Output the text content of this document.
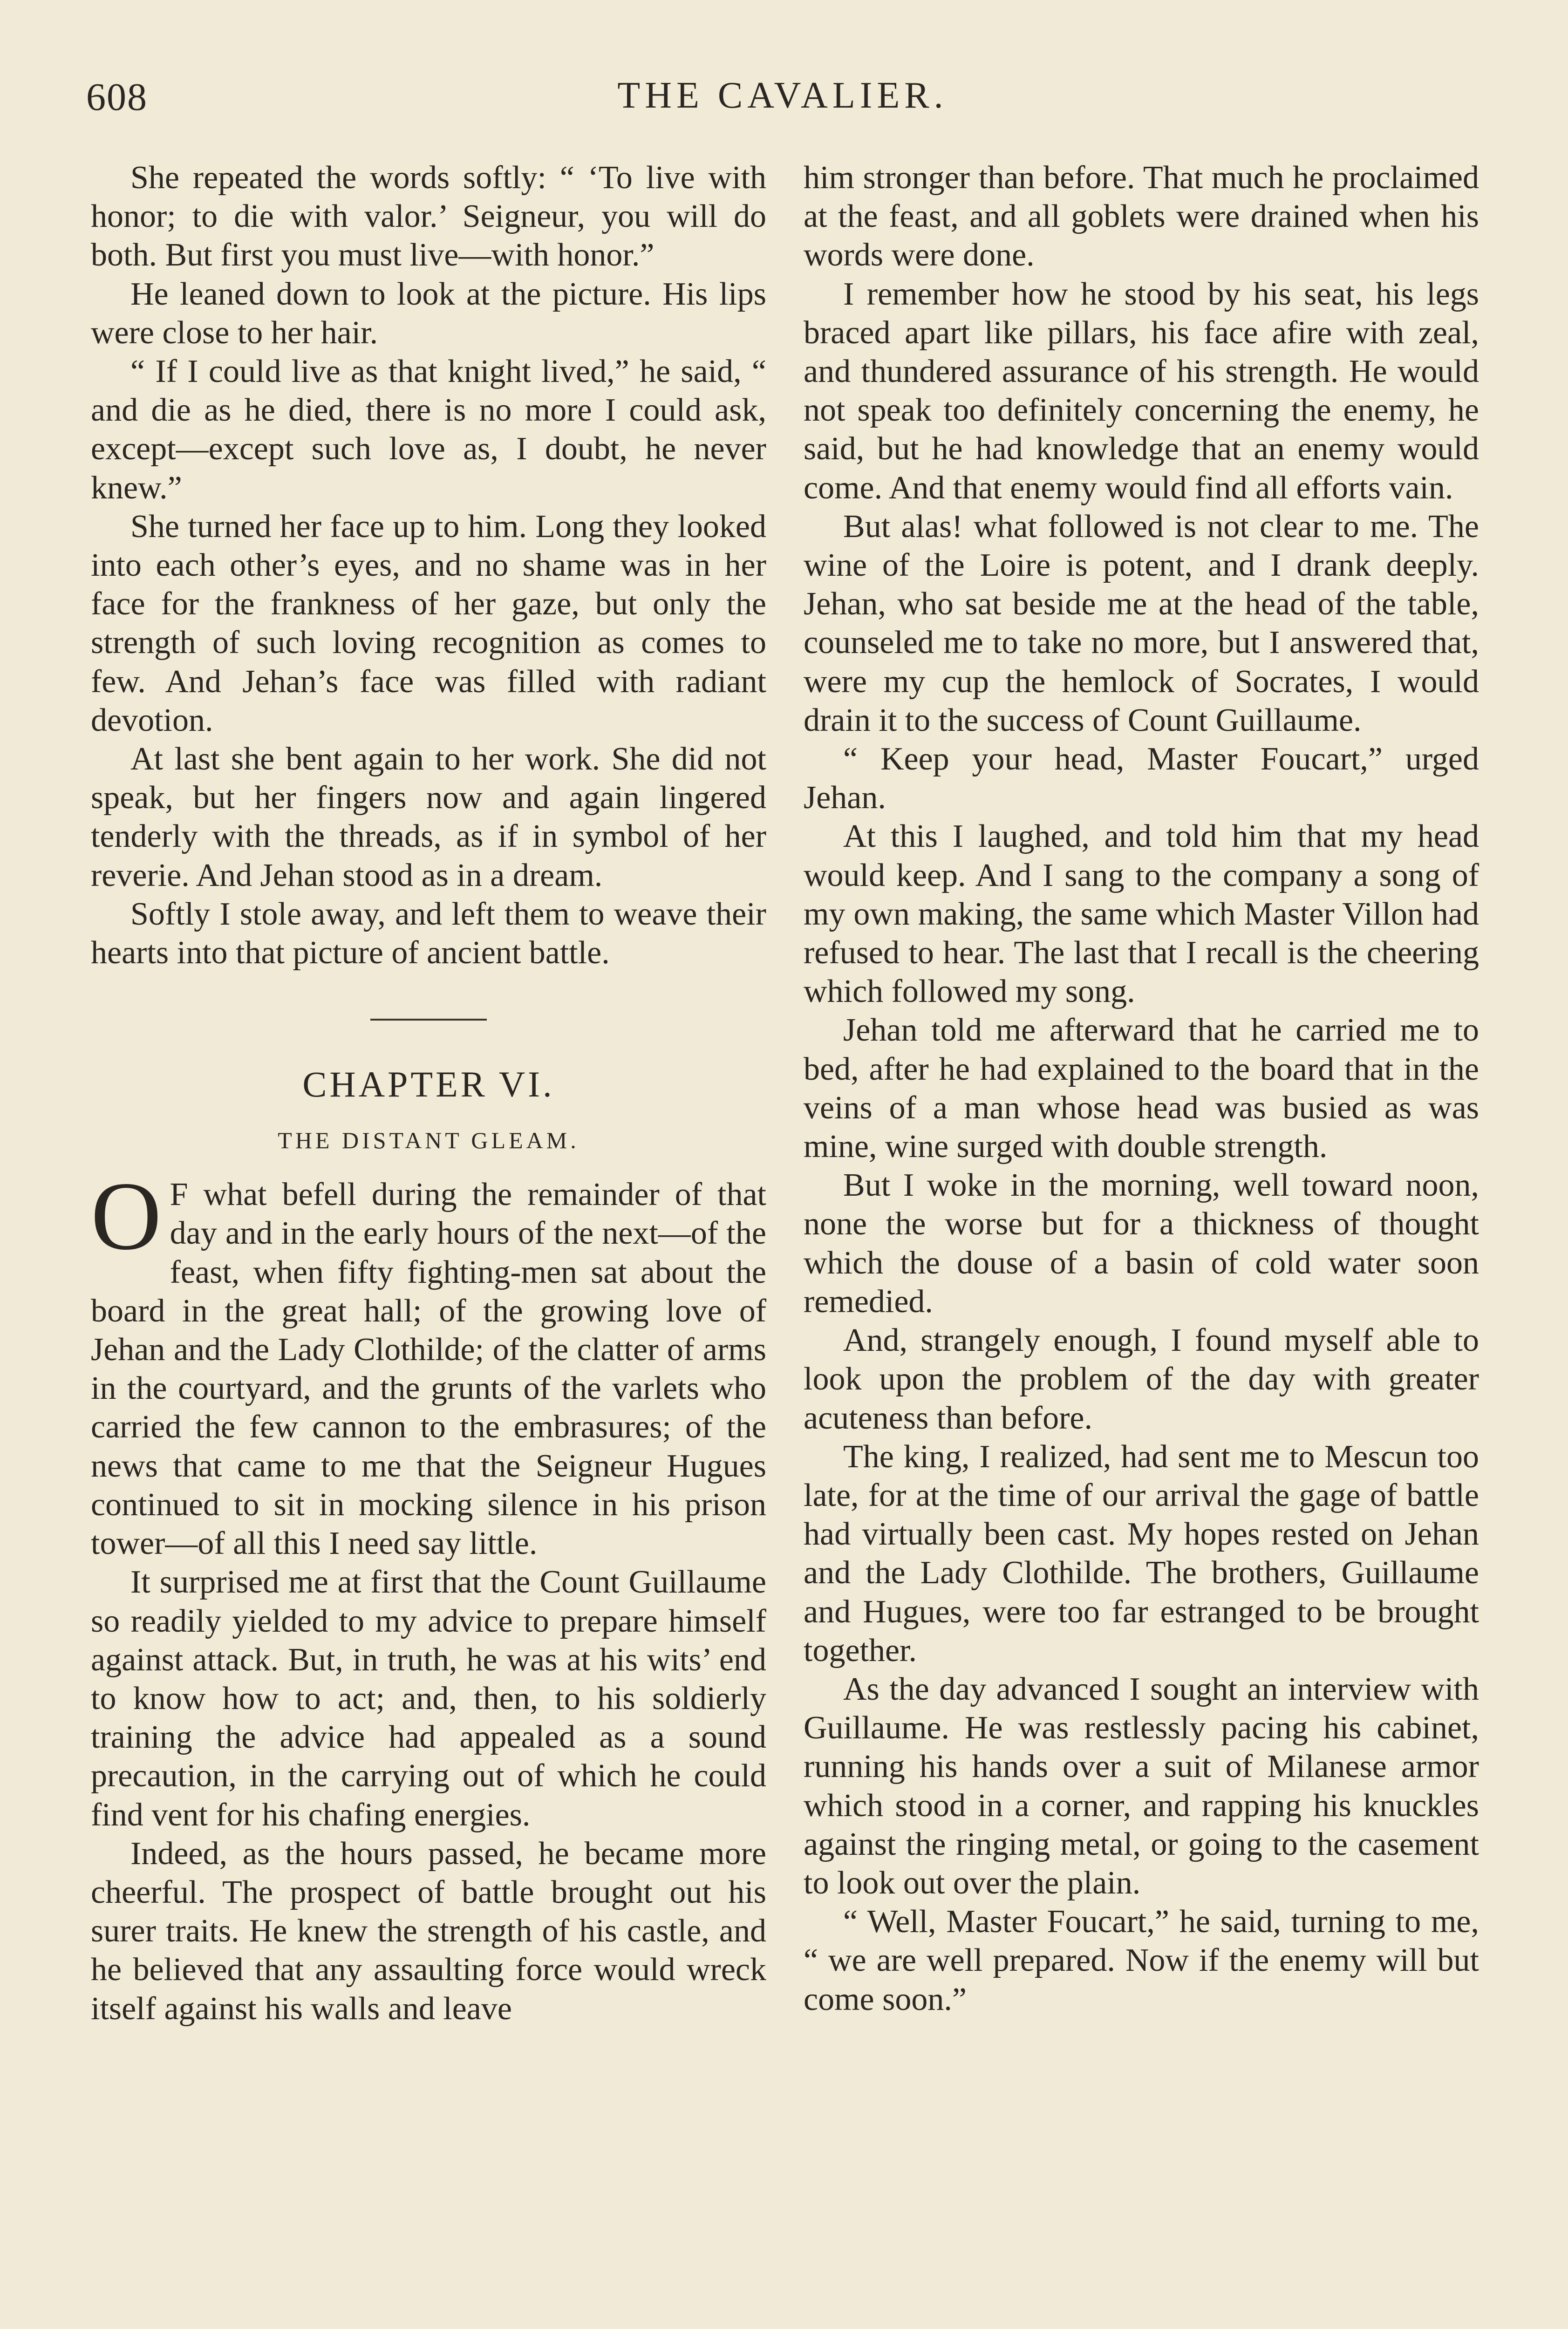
608	THE CAVALIER.

She repeated the words softly: “ ‘To live with honor; to die with valor.’ Seigneur, you will do both. But first you must live—with honor.”

He leaned down to look at the picture. His lips were close to her hair.

“ If I could live as that knight lived,” he said, “ and die as he died, there is no more I could ask, except—except such love as, I doubt, he never knew.”

She turned her face up to him. Long they looked into each other’s eyes, and no shame was in her face for the frankness of her gaze, but only the strength of such loving recognition as comes to few. And Jehan’s face was filled with radiant devotion.

At last she bent again to her work. She did not speak, but her fingers now and again lingered tenderly with the threads, as if in symbol of her reverie. And Jehan stood as in a dream.

Softly I stole away, and left them to weave their hearts into that picture of ancient battle.

CHAPTER VI.
THE DISTANT GLEAM.

O F what befell during the remainder of that day and in the early hours of the next—of the feast, when fifty fighting-men sat about the board in the great hall; of the growing love of Jehan and the Lady Clothilde; of the clatter of arms in the courtyard, and the grunts of the varlets who carried the few cannon to the embrasures; of the news that came to me that the Seigneur Hugues continued to sit in mocking silence in his prison tower—of all this I need say little.

It surprised me at first that the Count Guillaume so readily yielded to my advice to prepare himself against attack. But, in truth, he was at his wits’ end to know how to act; and, then, to his soldierly training the advice had appealed as a sound precaution, in the carrying out of which he could find vent for his chafing energies.

Indeed, as the hours passed, he became more cheerful. The prospect of battle brought out his surer traits. He knew the strength of his castle, and he believed that any assaulting force would wreck itself against his walls and leave

him stronger than before. That much he proclaimed at the feast, and all goblets were drained when his words were done.

I remember how he stood by his seat, his legs braced apart like pillars, his face afire with zeal, and thundered assurance of his strength. He would not speak too definitely concerning the enemy, he said, but he had knowledge that an enemy would come. And that enemy would find all efforts vain.

But alas! what followed is not clear to me. The wine of the Loire is potent, and I drank deeply. Jehan, who sat beside me at the head of the table, counseled me to take no more, but I answered that, were my cup the hemlock of Socrates, I would drain it to the success of Count Guillaume.

“ Keep your head, Master Foucart,” urged Jehan.

At this I laughed, and told him that my head would keep. And I sang to the company a song of my own making, the same which Master Villon had refused to hear. The last that I recall is the cheering which followed my song.

Jehan told me afterward that he carried me to bed, after he had explained to the board that in the veins of a man whose head was busied as was mine, wine surged with double strength.

But I woke in the morning, well toward noon, none the worse but for a thickness of thought which the douse of a basin of cold water soon remedied.

And, strangely enough, I found myself able to look upon the problem of the day with greater acuteness than before.

The king, I realized, had sent me to Mescun too late, for at the time of our arrival the gage of battle had virtually been cast. My hopes rested on Jehan and the Lady Clothilde. The brothers, Guillaume and Hugues, were too far estranged to be brought together.

As the day advanced I sought an interview with Guillaume. He was restlessly pacing his cabinet, running his hands over a suit of Milanese armor which stood in a corner, and rapping his knuckles against the ringing metal, or going to the casement to look out over the plain.

“ Well, Master Foucart,” he said, turning to me, “ we are well prepared. Now if the enemy will but come soon.”
